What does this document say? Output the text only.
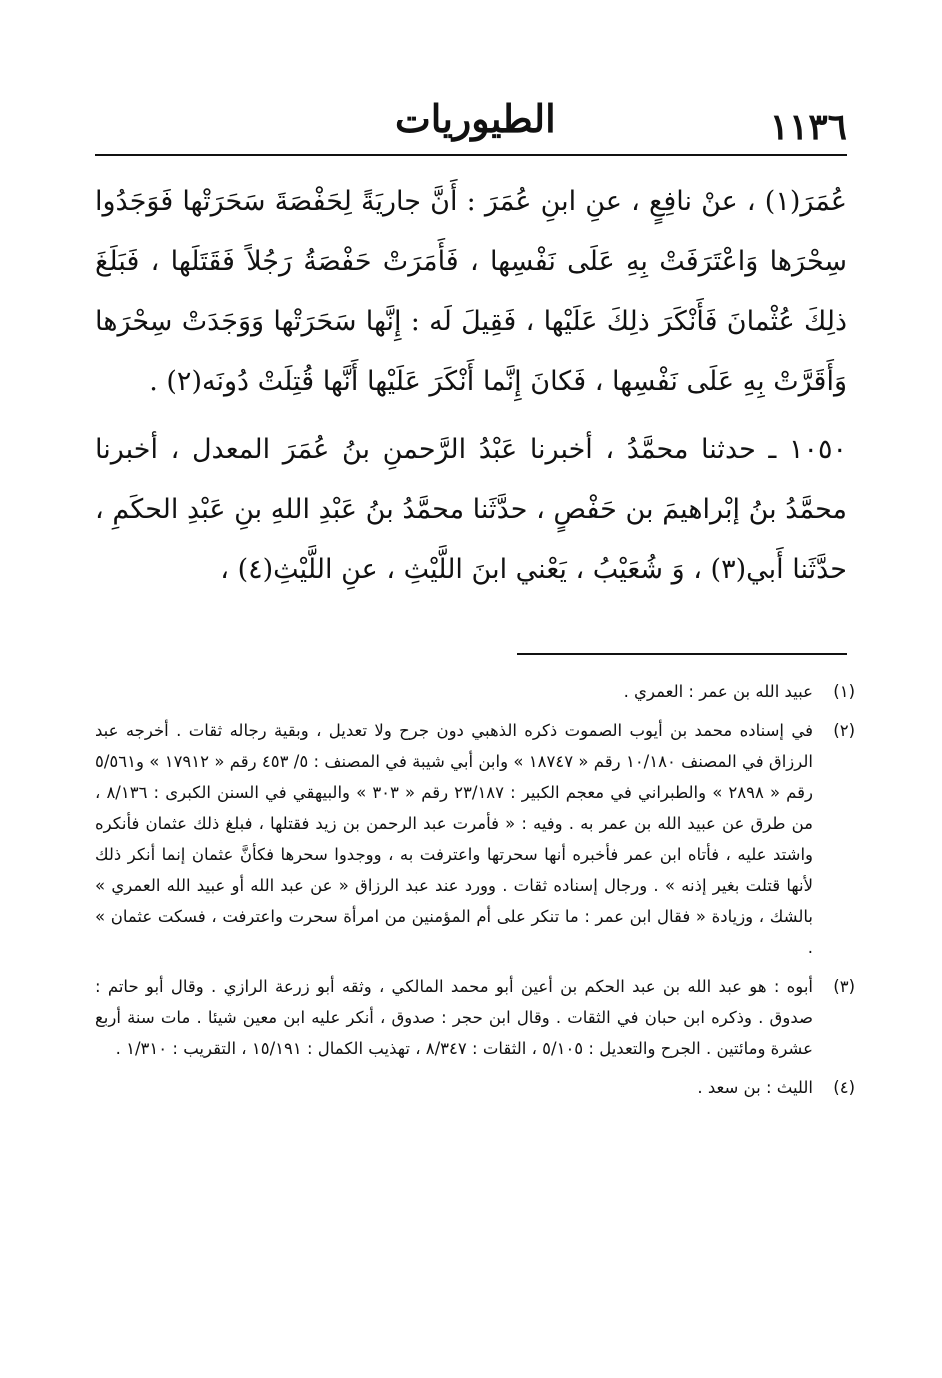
الطيوريات	١١٣٦

عُمَرَ(١) ، عنْ نافِعٍ ، عنِ ابنِ عُمَرَ : أَنَّ جاريَةً لِحَفْصَةَ سَحَرَتْها فَوَجَدُوا سِحْرَها وَاعْتَرَفَتْ بِهِ عَلَى نَفْسِها ، فَأَمَرَتْ حَفْصَةُ رَجُلاً فَقَتَلَها ، فَبَلَغَ ذلِكَ عُثْمانَ فَأَنْكَرَ ذلِكَ عَلَيْها ، فَقِيلَ لَه : إِنَّها سَحَرَتْها وَوَجَدَتْ سِحْرَها وَأَقَرَّتْ بِهِ عَلَى نَفْسِها ، فَكانَ إِنَّما أَنْكَرَ عَلَيْها أَنَّها قُتِلَتْ دُونَه(٢) .

١٠٥٠ ـ حدثنا محمَّدُ ، أخبرنا عَبْدُ الرَّحمنِ بنُ عُمَرَ المعدل ، أخبرنا محمَّدُ بنُ إبْراهيمَ بن حَفْصٍ ، حدَّثَنا محمَّدُ بنُ عَبْدِ اللهِ بنِ عَبْدِ الحكَمِ ، حدَّثَنا أَبي(٣) ، وَ شُعَيْبُ ، يَعْني ابنَ اللَّيْثِ ، عنِ اللَّيْثِ(٤) ،

(١)
عبيد الله بن عمر : العمري .
(٢)
في إسناده محمد بن أيوب الصموت ذكره الذهبي دون جرح ولا تعديل ، وبقية رجاله ثقات . أخرجه عبد الرزاق في المصنف ١٠/١٨٠ رقم « ١٨٧٤٧ » وابن أبي شيبة في المصنف : ٥/ ٤٥٣ رقم « ١٧٩١٢ » و٥/٥٦١ رقم « ٢٨٩٨ » والطبراني في معجم الكبير : ٢٣/١٨٧ رقم « ٣٠٣ » والبيهقي في السنن الكبرى : ٨/١٣٦ ، من طرق عن عبيد الله بن عمر به . وفيه : « فأمرت عبد الرحمن بن زيد فقتلها ، فبلغ ذلك عثمان فأنكره واشتد عليه ، فأتاه ابن عمر فأخبره أنها سحرتها واعترفت به ، ووجدوا سحرها فكأنَّ عثمان إنما أنكر ذلك لأنها قتلت بغير إذنه » . ورجال إسناده ثقات . وورد عند عبد الرزاق « عن عبد الله أو عبيد الله العمري » بالشك ، وزيادة « فقال ابن عمر : ما تنكر على أم المؤمنين من امرأة سحرت واعترفت ، فسكت عثمان » .
(٣)
أبوه : هو عبد الله بن عبد الحكم بن أعين أبو محمد المالكي ، وثقه أبو زرعة الرازي . وقال أبو حاتم : صدوق . وذكره ابن حبان في الثقات . وقال ابن حجر : صدوق ، أنكر عليه ابن معين شيئا . مات سنة أربع عشرة ومائتين . الجرح والتعديل : ٥/١٠٥ ، الثقات : ٨/٣٤٧ ، تهذيب الكمال : ١٥/١٩١ ، التقريب : ١/٣١٠ .
(٤)
الليث : بن سعد .
